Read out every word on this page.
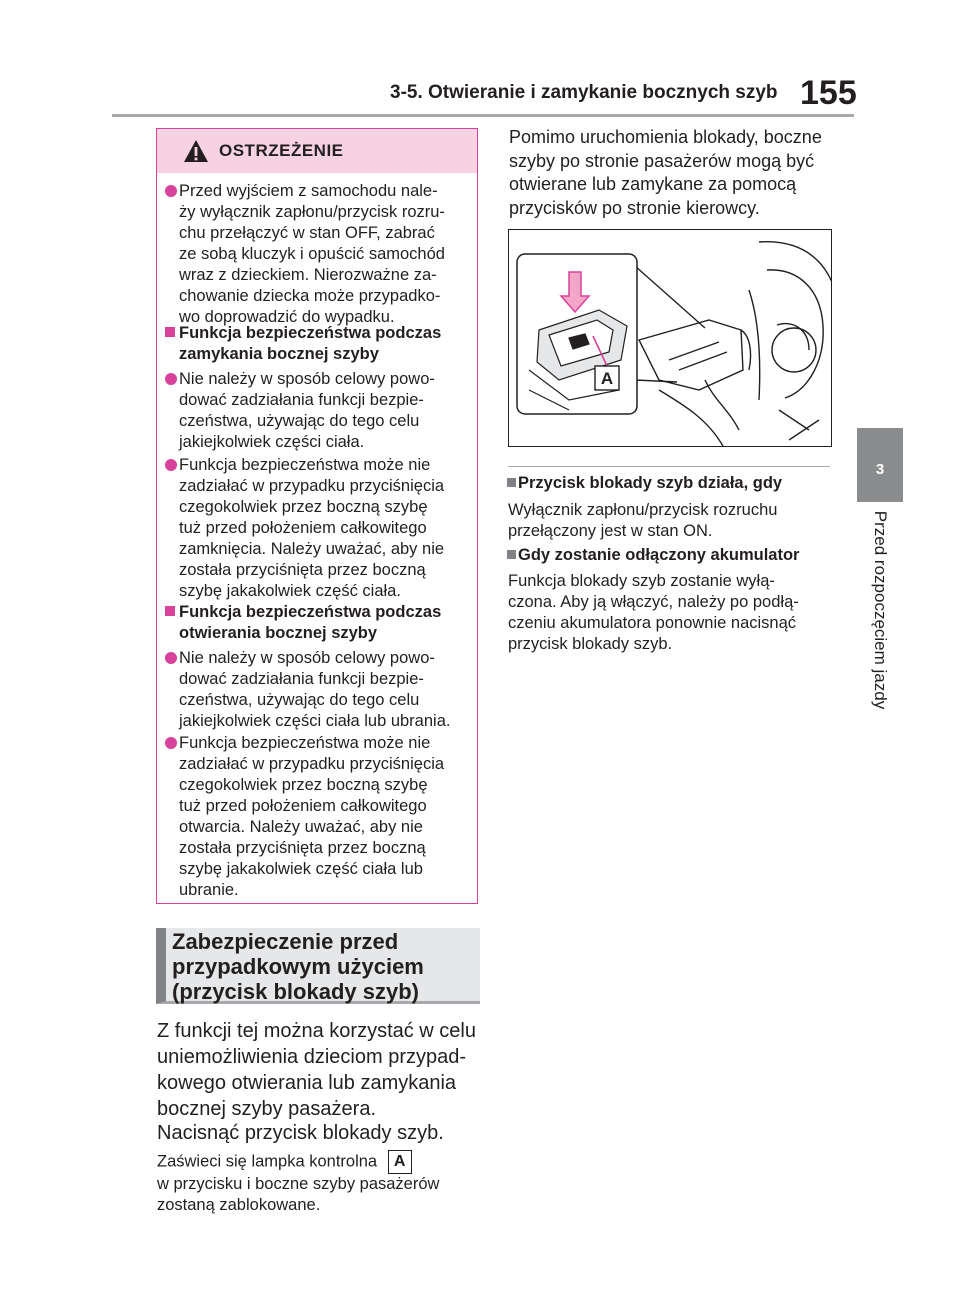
3-5. Otwieranie i zamykanie bocznych szyb 155
3
Przed rozpoczęciem jazdy
OSTRZEŻENIE
Przed wyjściem z samochodu nale-
ży wyłącznik zapłonu/przycisk rozru-
chu przełączyć w stan OFF, zabrać
ze sobą kluczyk i opuścić samochód
wraz z dzieckiem. Nierozważne za-
chowanie dziecka może przypadko-
wo doprowadzić do wypadku.
Funkcja bezpieczeństwa podczas
zamykania bocznej szyby
Nie należy w sposób celowy powo-
dować zadziałania funkcji bezpie-
czeństwa, używając do tego celu
jakiejkolwiek części ciała.
Funkcja bezpieczeństwa może nie
zadziałać w przypadku przyciśnięcia
czegokolwiek przez boczną szybę
tuż przed położeniem całkowitego
zamknięcia. Należy uważać, aby nie
została przyciśnięta przez boczną
szybę jakakolwiek część ciała.
Funkcja bezpieczeństwa podczas
otwierania bocznej szyby
Nie należy w sposób celowy powo-
dować zadziałania funkcji bezpie-
czeństwa, używając do tego celu
jakiejkolwiek części ciała lub ubrania.
Funkcja bezpieczeństwa może nie
zadziałać w przypadku przyciśnięcia
czegokolwiek przez boczną szybę
tuż przed położeniem całkowitego
otwarcia. Należy uważać, aby nie
została przyciśnięta przez boczną
szybę jakakolwiek część ciała lub
ubranie.
Zabezpieczenie przed
przypadkowym użyciem
(przycisk blokady szyb)
Z funkcji tej można korzystać w celu
uniemożliwienia dzieciom przypad-
kowego otwierania lub zamykania
bocznej szyby pasażera.
Nacisnąć przycisk blokady szyb.
Zaświeci się lampka kontrolna A
w przycisku i boczne szyby pasażerów
zostaną zablokowane.
Pomimo uruchomienia blokady, boczne
szyby po stronie pasażerów mogą być
otwierane lub zamykane za pomocą
przycisków po stronie kierowcy.
A
Przycisk blokady szyb działa, gdy
Wyłącznik zapłonu/przycisk rozruchu
przełączony jest w stan ON.
Gdy zostanie odłączony akumulator
Funkcja blokady szyb zostanie wyłą-
czona. Aby ją włączyć, należy po podłą-
czeniu akumulatora ponownie nacisnąć
przycisk blokady szyb.
